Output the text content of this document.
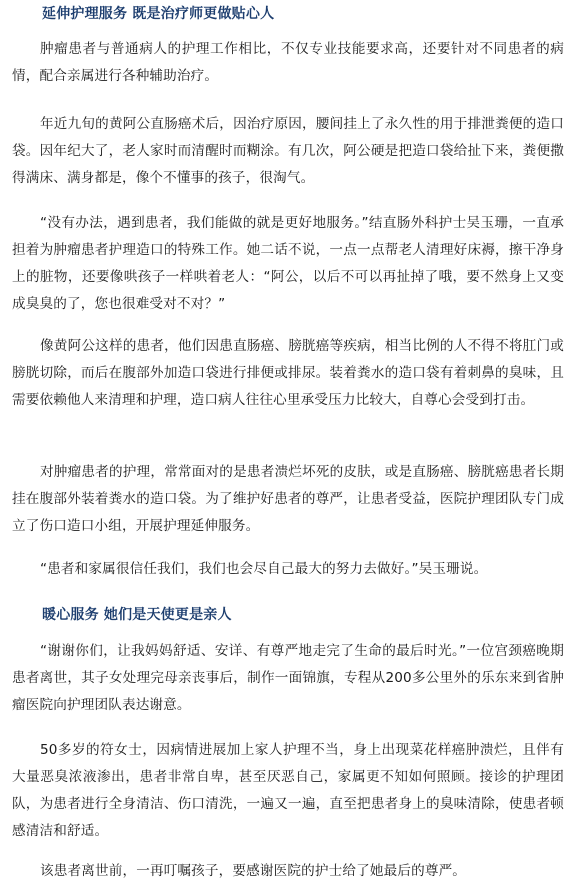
延伸护理服务 既是治疗师更做贴心人

肿瘤患者与普通病人的护理工作相比，不仅专业技能要求高，还要针对不同患者的病情，配合亲属进行各种辅助治疗。

年近九旬的黄阿公直肠癌术后，因治疗原因，腰间挂上了永久性的用于排泄粪便的造口袋。因年纪大了，老人家时而清醒时而糊涂。有几次，阿公硬是把造口袋给扯下来，粪便撒得满床、满身都是，像个不懂事的孩子，很淘气。

“没有办法，遇到患者，我们能做的就是更好地服务。”结直肠外科护士吴玉珊，一直承担着为肿瘤患者护理造口的特殊工作。她二话不说，一点一点帮老人清理好床褥，擦干净身上的脏物，还要像哄孩子一样哄着老人：“阿公，以后不可以再扯掉了哦，要不然身上又变成臭臭的了，您也很难受对不对？”

像黄阿公这样的患者，他们因患直肠癌、膀胱癌等疾病，相当比例的人不得不将肛门或膀胱切除，而后在腹部外加造口袋进行排便或排尿。装着粪水的造口袋有着刺鼻的臭味，且需要依赖他人来清理和护理，造口病人往往心里承受压力比较大，自尊心会受到打击。

对肿瘤患者的护理，常常面对的是患者溃烂坏死的皮肤，或是直肠癌、膀胱癌患者长期挂在腹部外装着粪水的造口袋。为了维护好患者的尊严，让患者受益，医院护理团队专门成立了伤口造口小组，开展护理延伸服务。

“患者和家属很信任我们，我们也会尽自己最大的努力去做好。”吴玉珊说。

暖心服务 她们是天使更是亲人

“谢谢你们，让我妈妈舒适、安详、有尊严地走完了生命的最后时光。”一位宫颈癌晚期患者离世，其子女处理完母亲丧事后，制作一面锦旗，专程从200多公里外的乐东来到省肿瘤医院向护理团队表达谢意。

50多岁的符女士，因病情进展加上家人护理不当，身上出现菜花样癌肿溃烂，且伴有大量恶臭浓液渗出，患者非常自卑，甚至厌恶自己，家属更不知如何照顾。接诊的护理团队，为患者进行全身清洁、伤口清洗，一遍又一遍，直至把患者身上的臭味清除，使患者顿感清洁和舒适。

该患者离世前，一再叮嘱孩子，要感谢医院的护士给了她最后的尊严。
